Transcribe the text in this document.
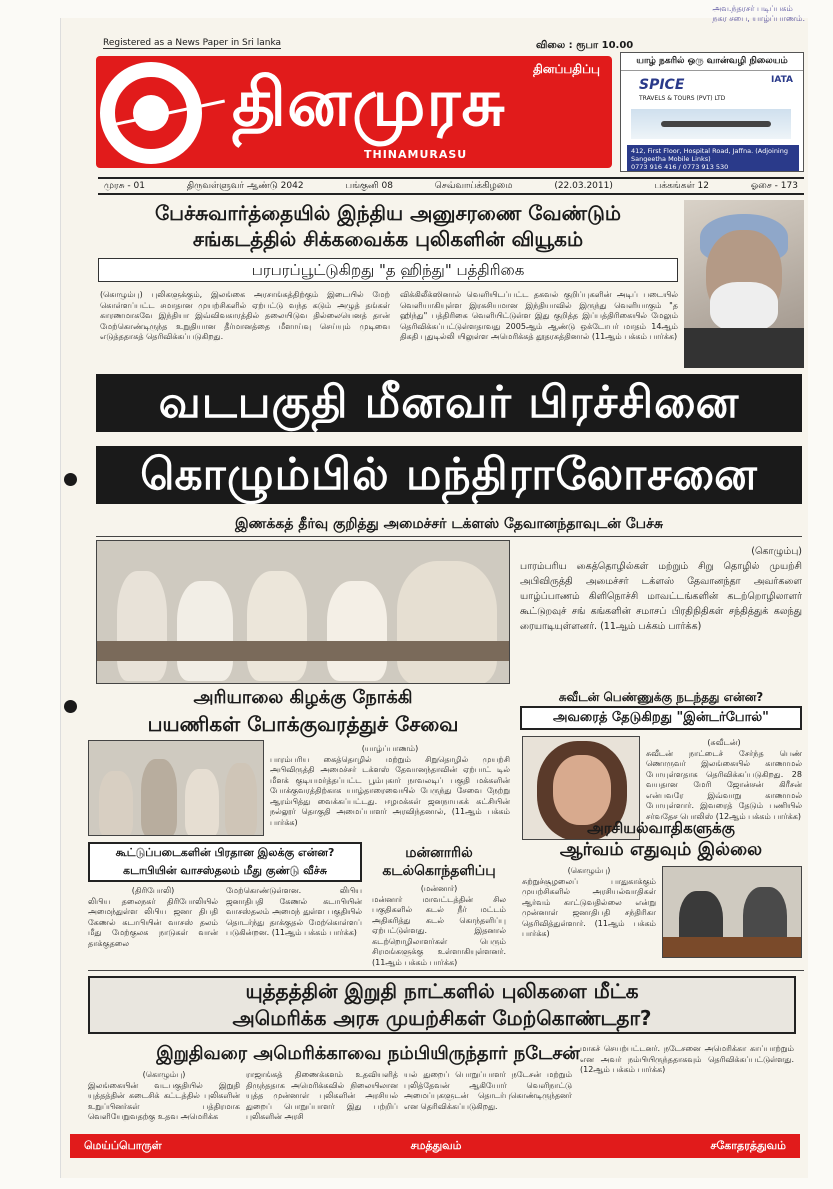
அவ.ந்தரசர் படிப்பகம்
நகர சபை, யாழ்ப்பாணம்.
Registered as a News Paper in Sri lanka	விலை : ரூபா 10.00
தினமுரசு தினப்பதிப்பு
THINAMURASU
யாழ் நகரில் ஒரு வான்வழி நிலையம்
SPICE
TRAVELS & TOURS (PVT) LTD
IATA
412, First Floor, Hospital Road, Jaffna. (Adjoining Sangeetha Mobile Links)
0773 916 416 / 0773 913 530
முரசு - 01	திருவள்ளுவர் ஆண்டு 2042	பங்குனி 08	செவ்வாய்க்கிழமை	(22.03.2011)	பக்கங்கள் 12	ஓசை - 173
பேச்சுவார்த்தையில் இந்திய அனுசரணை வேண்டும்
சங்கடத்தில் சிக்கவைக்க புலிகளின் வியூகம்
பரபரப்பூட்டுகிறது "த ஹிந்து" பத்திரிகை
(கொழும்பு) புலிகளுக்கும், இலங்கை அரசாங்கத்திற்கும் இடையில் மேற் கொள்ளப்பட்ட சமாதான முயற்சிகளில் ஏற்பட்டு வந்த கடும் அழுத் தங்கள் காரணமாகவே இந்தியா இவ்விவகாரத்தில் தலையிடுவ தில்லையெனத் தான் மேற்கொண்டிருந்த உறுதியான தீர்மானத்தை மீளாய்வு செய்யும் முடிவை எடுத்ததாகத் தெரிவிக்கப்படுகிறது.
விக்கிலீக்ஸினால் வெளியிடப்பட்ட தகவல் குறிப்புகளின் அடிப் படையில் வெளியாகியுள்ள இரகசியமான இந்தியாவில் இருந்து வெளியாகும் "த ஹிந்து" பத்திரிகை வெளியிட்டுள்ள இது குறித்த இப்பத்திரிகையில் மேலும் தெரிவிக்கப்பட்டுள்ளதாவது 2005ஆம் ஆண்டு ஒக்டோபர் மாதம் 14ஆம் திகதி புதுடில்லி யிலுள்ள அமெரிக்கத் தூதரகத்தினால் (11ஆம் பக்கம் பார்க்க)
வடபகுதி மீனவர் பிரச்சினை
கொழும்பில் மந்திராலோசனை
இணக்கத் தீர்வு குறித்து அமைச்சர் டக்ளஸ் தேவானந்தாவுடன் பேச்சு
(கொழும்பு)
பாரம்பரிய கைத்தொழில்கள் மற்றும் சிறு தொழில் முயற்சி அபிவிருத்தி அமைச்சர் டக்ளஸ் தேவானந்தா அவர்களை யாழ்ப்பாணம் கிளிநொச்சி மாவட்டங்களின் கடற்றொழிலாளர் கூட்டுறவுச் சங் கங்களின் சமாசப் பிரதிநிதிகள் சந்தித்துக் கலந்து ரையாடியுள்ளனர். (11ஆம் பக்கம் பார்க்க)
அரியாலை கிழக்கு நோக்கி
பயணிகள் போக்குவரத்துச் சேவை
(யாழ்ப்பாணம்)
பாரம்பரிய கைத்தொழில் மற்றும் சிறுதொழில் முயற்சி அபிவிருத்தி அமைச்சர் டக்ளஸ் தேவானந்தாவின் ஏற்பாட் டில் மீளக் குடியமர்த்தப்பட்ட பூம்புகார் நாவலடிப் பகுதி மக்களின் போக்குவரத்திற்காக யாழ்தாரைவையில் பேருந்து சேவை நேற்று ஆரம்பித்து வைக்கப்பட்டது. ஈழமக்கள் ஜனநாயகக் கட்சியின் நல்லூர் தொகுதி அமைப்பாளர் அரவிந்தனால், (11ஆம் பக்கம் பார்க்க)
சுவீடன் பெண்ணுக்கு நடந்தது என்ன?
அவரைத் தேடுகிறது "இன்டர்போல்"
(சுவீடன்)
சுவீடன் நாட்டைச் சேர்ந்த பெண் ணொருவர் இலங்கையில் காணாமல் போயுள்ளதாக தெரிவிக்கப்படுகிறது. 28 வயதான மேரி ஜோன்சன் கிரீசன் என்பவரே இவ்வாறு காணாமல் போயுள்ளார். இவரைத் தேடும் பணியில் சர்வதேச பொலிஸ் (12ஆம் பக்கம் பார்க்க)
கூட்டுப்படைகளின் பிரதான இலக்கு என்ன?
கடாபியின் வாசஸ்தலம் மீது குண்டு வீச்சு
(திரிபோலி)
லிபிய தலைநகர் திரிபோலியில் அமைந்துள்ள லிபிய ஜனா திபதி கேணல் கடாபியின் வாசஸ் தலம் மீது மேற்குலக நாடுகள் வான் தாக்குதலை
மேற்கொண்டுள்ளன. லிபிய ஜனாதிபதி கேணல் கடாபியின் வாசஸ்தலம் அமைந் துள்ள பகுதியில் தொடர்ந்து தாக்குதல் மேற்கொள்ளப் படுகின்றன. (11ஆம் பக்கம் பார்க்க)
மன்னாரில்
கடல்கொந்தளிப்பு
(மன்னார்)
மன்னார் மாவட்டத்தின் சில பகுதிகளில் கடல் நீர் மட்டம் அதிகரித்து கடல் கொந்தளிப்பு ஏற்பட்டுள்ளது. இதனால் கடற்றொழிலாளர்கள் பெரும் சிரமங்களுக்கு உள்ளாகியுள்ளனர். (11ஆம் பக்கம் பார்க்க)
அரசியல்வாதிகளுக்கு
ஆர்வம் எதுவும் இல்லை
(கொழும்பு)
சுற்றுச்சூழலைப் பாதுகாக்கும் முயற்சிகளில் அரசியல்வாதிகள் ஆர்வம் காட்டுவதில்லை என்று முன்னாள் ஜனாதிபதி சந்திரிகா தெரிவித்துள்ளார். (11ஆம் பக்கம் பார்க்க)
யுத்தத்தின் இறுதி நாட்களில் புலிகளை மீட்க
அமெரிக்க அரசு முயற்சிகள் மேற்கொண்டதா?
இறுதிவரை அமெரிக்காவை நம்பியிருந்தார் நடேசன்
(கொழும்பு)
இலங்கையின் வடபகுதியில் இறுதி யுத்தத்தின் கடைசிக் கட்டத்தில் புலிகளின் உறுப்பினர்கள் பத்திரமாக வெளியேறுவதற்கு உதவ அமெரிக்க
ராஜாங்கத் திணைக்களம் உதவியளித் திருந்ததாக அமெரிக்கவில் நிலையிலான யுத்த முன்னாள் புலிகளின் அரசியல் துறைப் பொறுப்பாளர் இது பற்றிப் புலிகளின் அரசி
யல் துறைப் பொறுப்பாளர் நடேசன் மற்றும் புலித்தேவன் ஆகியோர் வெளிநாட்டு அமைப்புகளுடன் தொடர்புகொண்டிருந்தனர் என தெரிவிக்கப்படுகிறது.
மாகச் செயற்பட்டனர். நடேசனை அமெரிக்கா காப்பாற்றும் என அவர் நம்பியிருந்ததாகவும் தெரிவிக்கப்பட்டுள்ளது. (12ஆம் பக்கம் பார்க்க)
மெய்ப்பொருள்	சமத்துவம்	சகோதரத்துவம்
